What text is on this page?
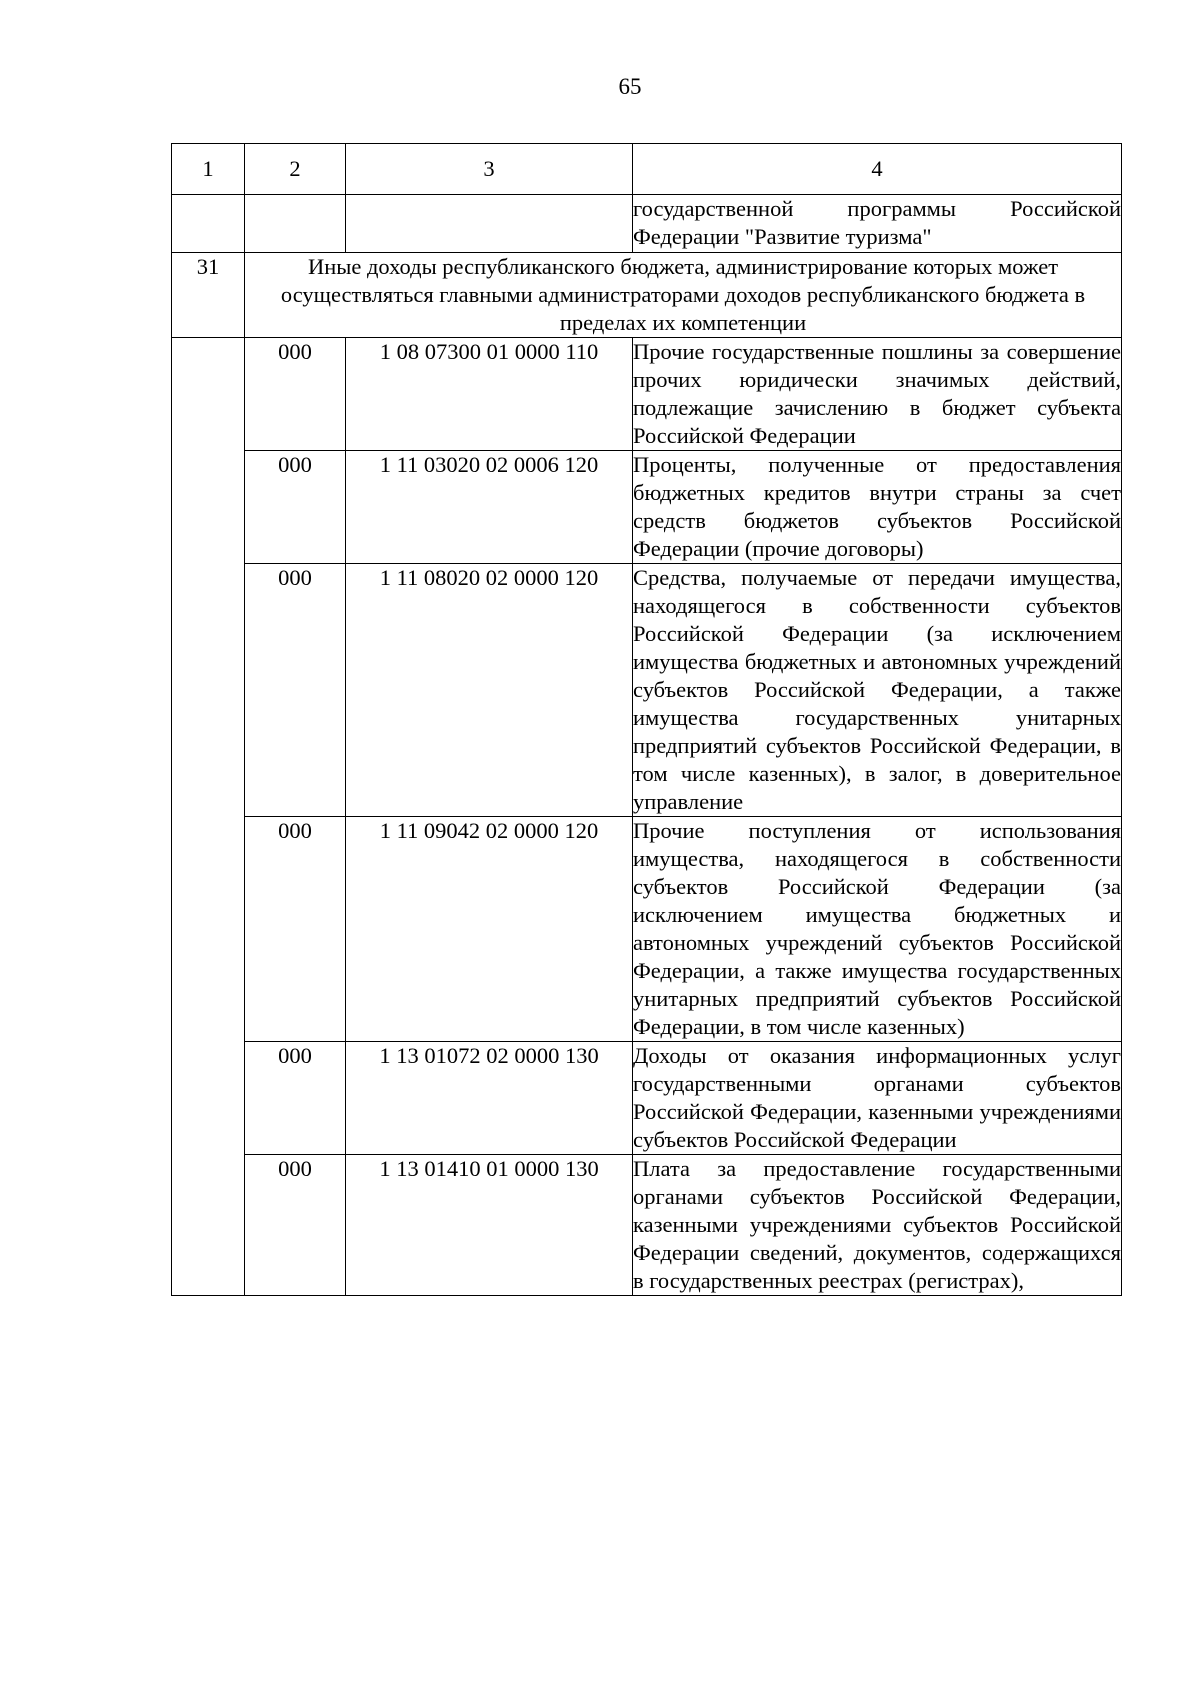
65
1	2	3	4
			государственной программы Российской Федерации "Развитие туризма"
31	Иные доходы республиканского бюджета, администрирование которых может осуществляться главными администраторами доходов республиканского бюджета в пределах их компетенции		
	000	1 08 07300 01 0000 110	Прочие государственные пошлины за совершение прочих юридически значимых действий, подлежащие зачислению в бюджет субъекта Российской Федерации
	000	1 11 03020 02 0006 120	Проценты, полученные от предоставления бюджетных кредитов внутри страны за счет средств бюджетов субъектов Российской Федерации (прочие договоры)
	000	1 11 08020 02 0000 120	Средства, получаемые от передачи имущества, находящегося в собственности субъектов Российской Федерации (за исключением имущества бюджетных и автономных учреждений субъектов Российской Федерации, а также имущества государственных унитарных предприятий субъектов Российской Федерации, в том числе казенных), в залог, в доверительное управление
	000	1 11 09042 02 0000 120	Прочие поступления от использования имущества, находящегося в собственности субъектов Российской Федерации (за исключением имущества бюджетных и автономных учреждений субъектов Российской Федерации, а также имущества государственных унитарных предприятий субъектов Российской Федерации, в том числе казенных)
	000	1 13 01072 02 0000 130	Доходы от оказания информационных услуг государственными органами субъектов Российской Федерации, казенными учреждениями субъектов Российской Федерации
	000	1 13 01410 01 0000 130	Плата за предоставление государственными органами субъектов Российской Федерации, казенными учреждениями субъектов Российской Федерации сведений, документов, содержащихся в государственных реестрах (регистрах),
